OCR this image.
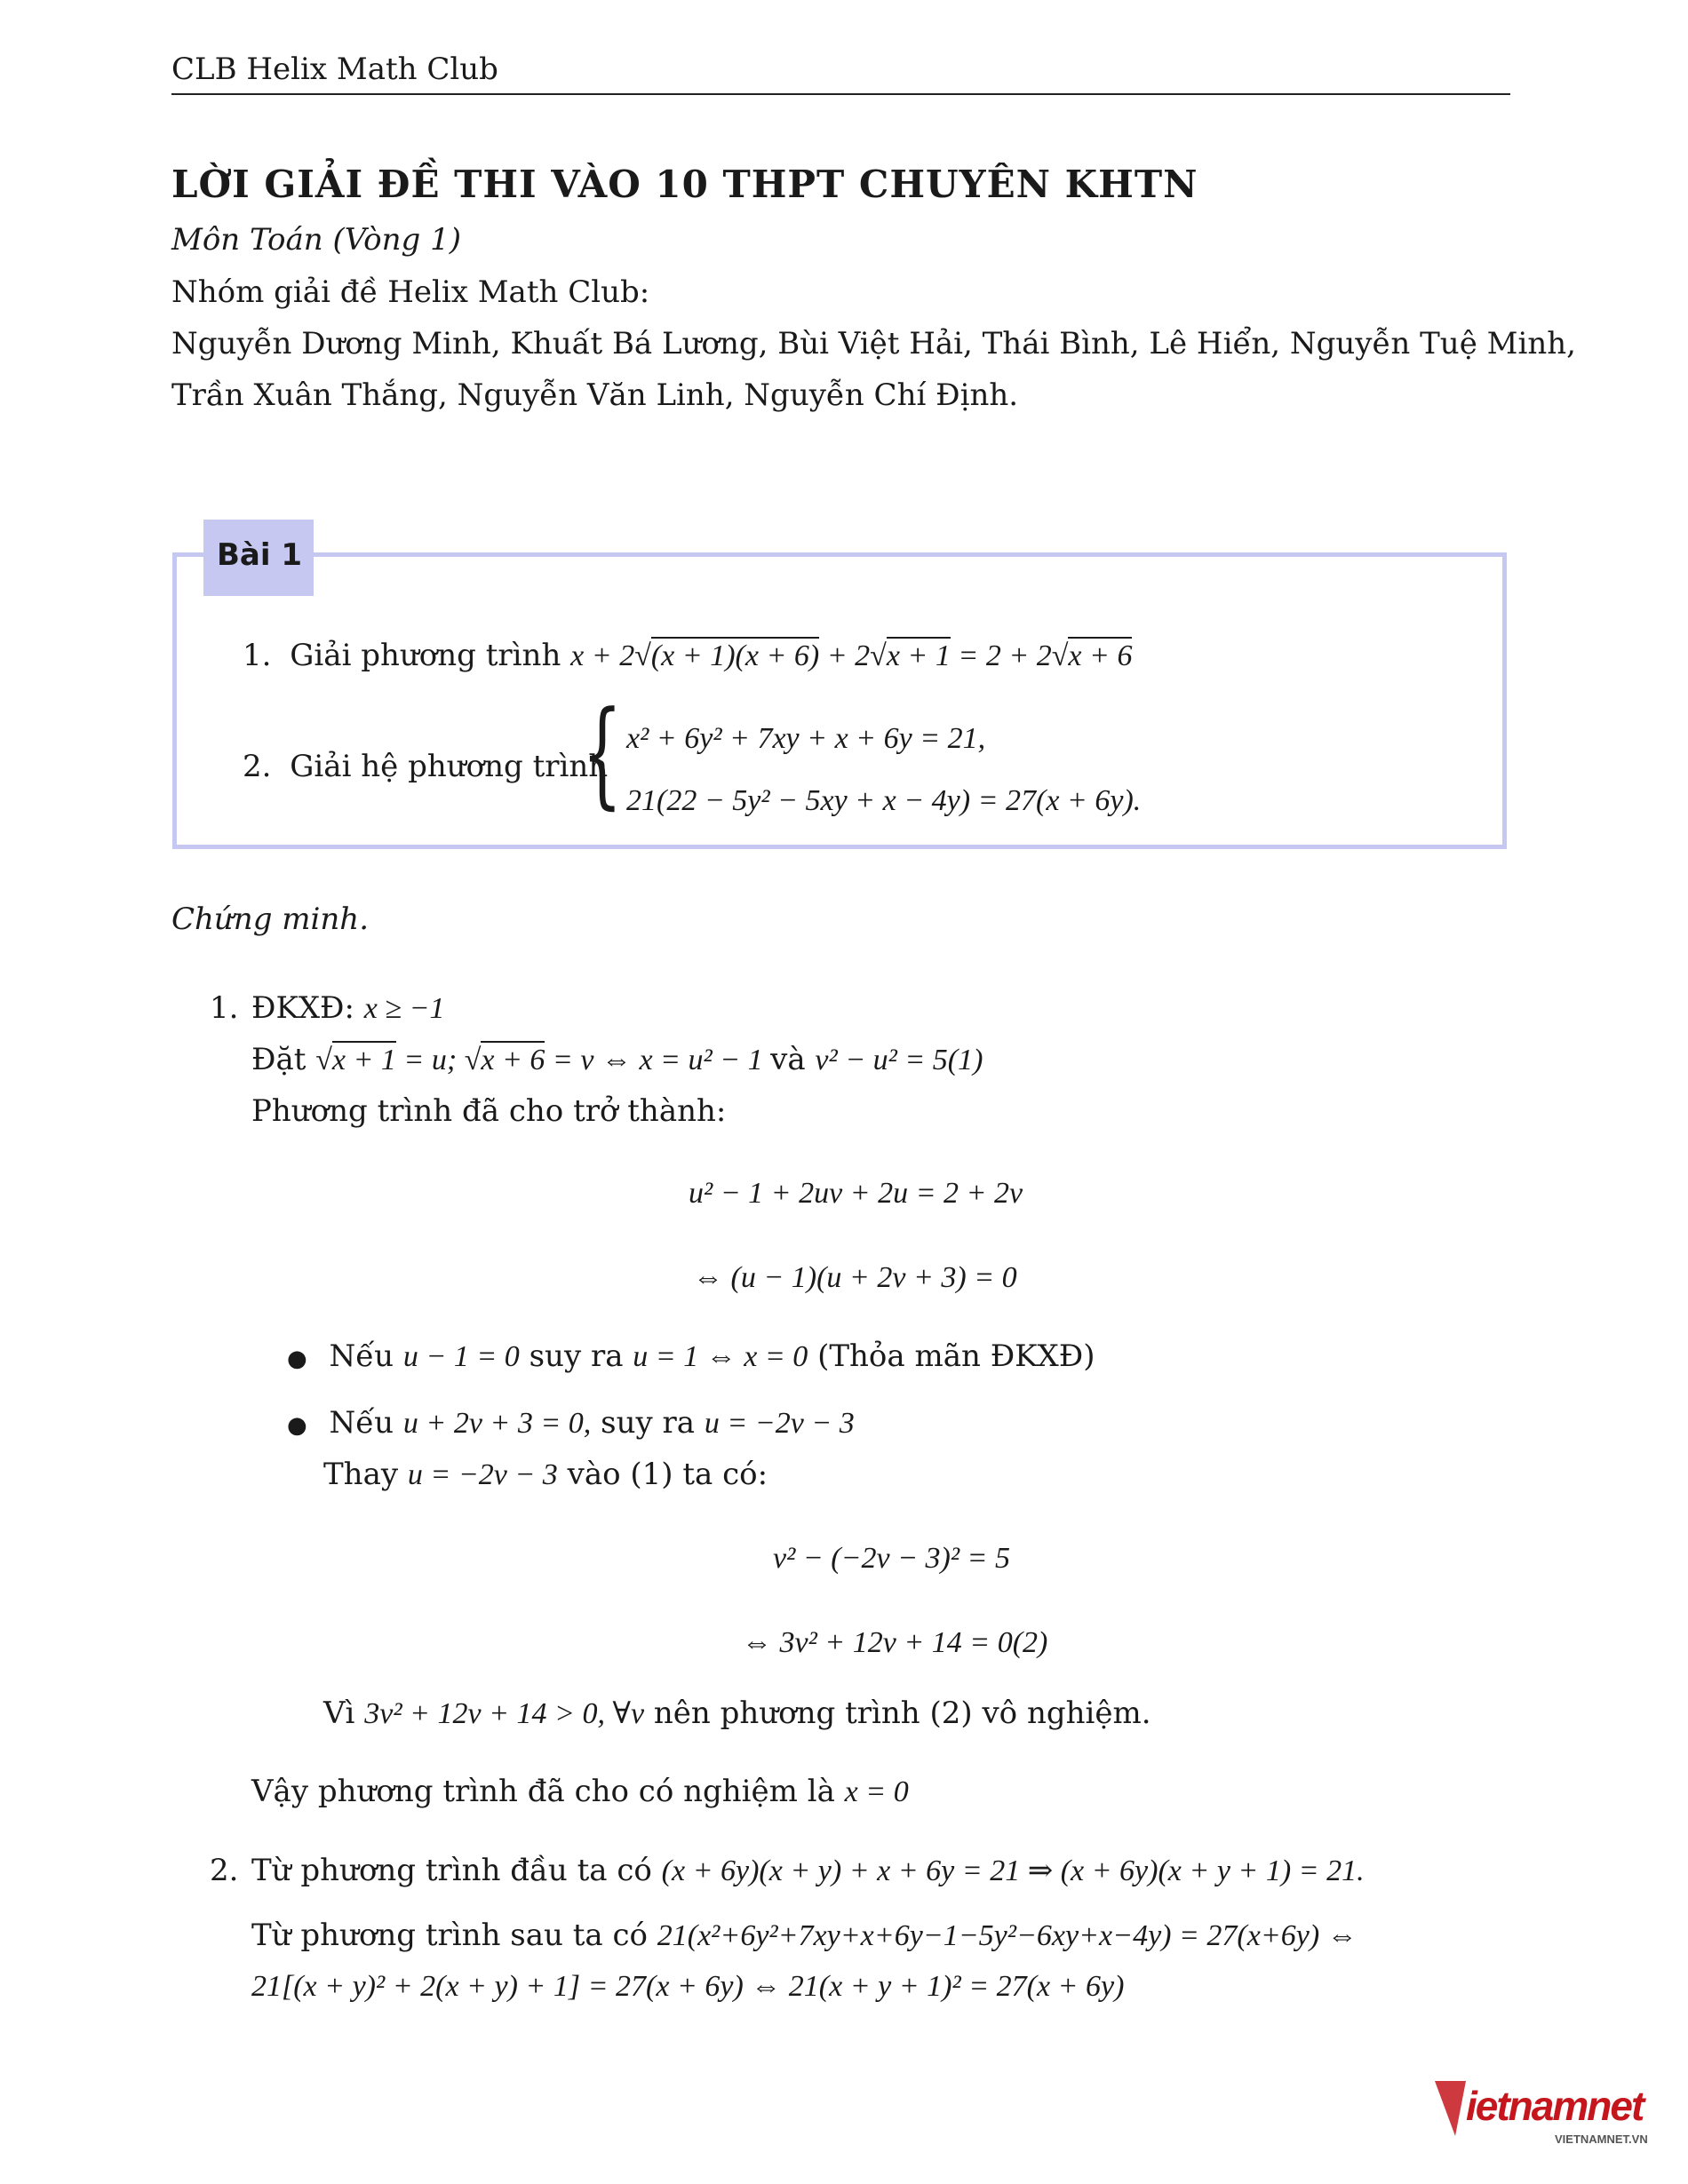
CLB Helix Math Club
LỜI GIẢI ĐỀ THI VÀO 10 THPT CHUYÊN KHTN
Môn Toán (Vòng 1)
Nhóm giải đề Helix Math Club:
Nguyễn Dương Minh, Khuất Bá Lương, Bùi Việt Hải, Thái Bình, Lê Hiển, Nguyễn Tuệ Minh,
Trần Xuân Thắng, Nguyễn Văn Linh, Nguyễn Chí Định.
Bài 1
1. Giải phương trình x + 2√(x + 1)(x + 6) + 2√x + 1 = 2 + 2√x + 6
2. Giải hệ phương trình
{ x² + 6y² + 7xy + x + 6y = 21,
21(22 − 5y² − 5xy + x − 4y) = 27(x + 6y).
Chứng minh.
1. ĐKXĐ: x ≥ −1
Đặt √x + 1 = u; √x + 6 = v ⇔ x = u² − 1 và v² − u² = 5(1)
Phương trình đã cho trở thành:
u² − 1 + 2uv + 2u = 2 + 2v
⇔ (u − 1)(u + 2v + 3) = 0
● Nếu u − 1 = 0 suy ra u = 1 ⇔ x = 0 (Thỏa mãn ĐKXĐ)
● Nếu u + 2v + 3 = 0, suy ra u = −2v − 3
Thay u = −2v − 3 vào (1) ta có:
v² − (−2v − 3)² = 5
⇔ 3v² + 12v + 14 = 0(2)
Vì 3v² + 12v + 14 > 0, ∀v nên phương trình (2) vô nghiệm.
Vậy phương trình đã cho có nghiệm là x = 0
2. Từ phương trình đầu ta có (x + 6y)(x + y) + x + 6y = 21 ⇒ (x + 6y)(x + y + 1) = 21.
Từ phương trình sau ta có 21(x²+6y²+7xy+x+6y−1−5y²−6xy+x−4y) = 27(x+6y) ⇔
21[(x + y)² + 2(x + y) + 1] = 27(x + 6y) ⇔ 21(x + y + 1)² = 27(x + 6y)
ietnamnet
VIETNAMNET.VN
